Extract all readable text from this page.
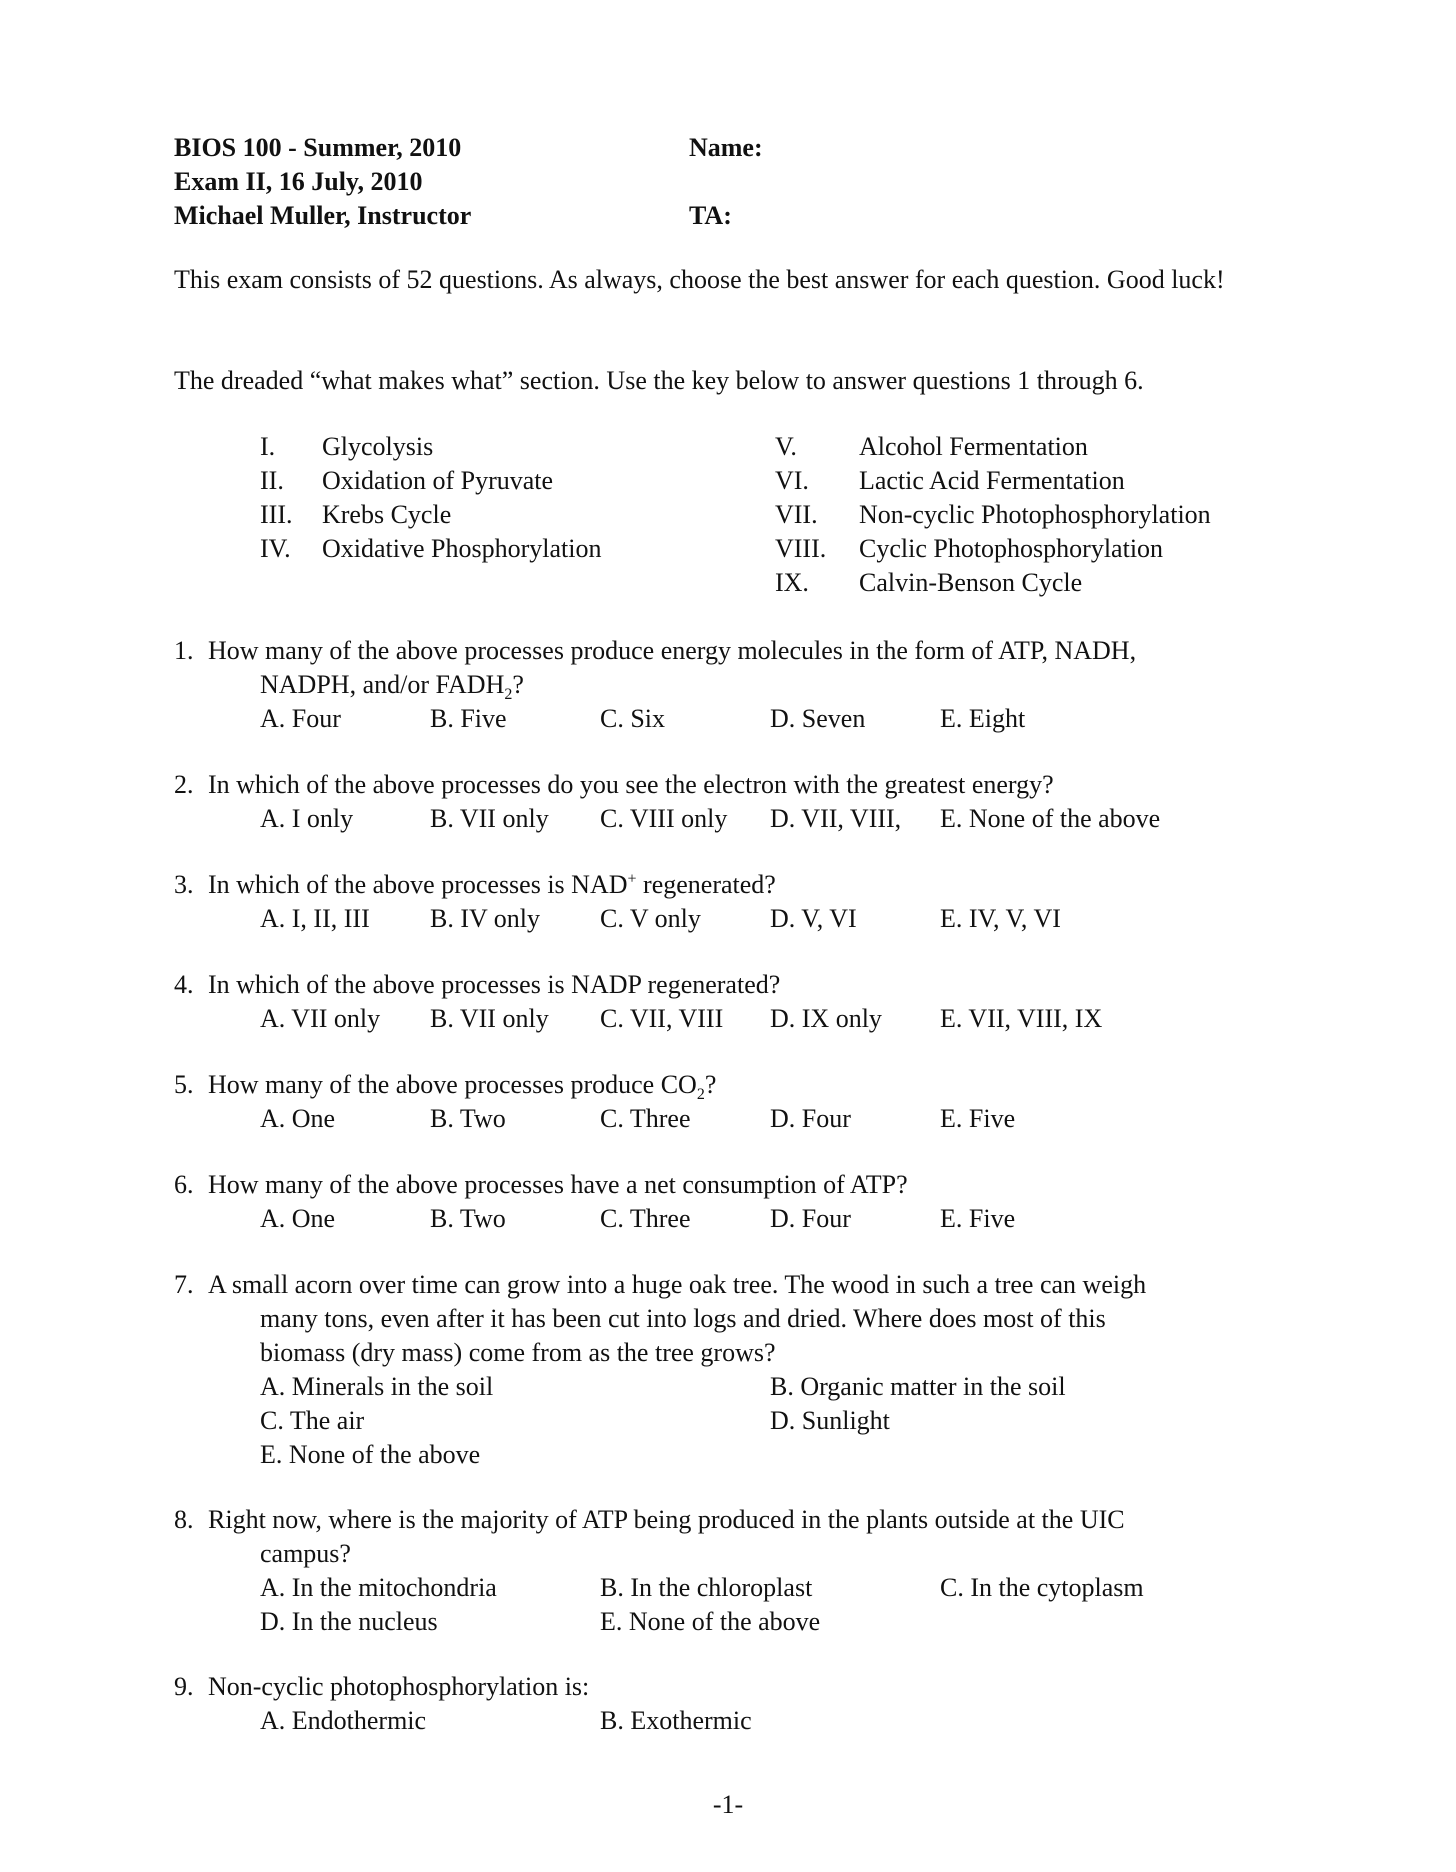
BIOS 100 - Summer, 2010	Name:
Exam II, 16 July, 2010
Michael Muller, Instructor	TA:
This exam consists of 52 questions. As always, choose the best answer for each question. Good luck!
The dreaded “what makes what” section. Use the key below to answer questions 1 through 6.
I. Glycolysis
II. Oxidation of Pyruvate
III. Krebs Cycle
IV. Oxidative Phosphorylation
V. Alcohol Fermentation
VI. Lactic Acid Fermentation
VII. Non-cyclic Photophosphorylation
VIII. Cyclic Photophosphorylation
IX. Calvin-Benson Cycle
1. How many of the above processes produce energy molecules in the form of ATP, NADH,
NADPH, and/or $FADH_2$?
A. Four	B. Five	C. Six	D. Seven	E. Eight
2. In which of the above processes do you see the electron with the greatest energy?
A. I only	B. VII only C. VIII only D. VII, VIII, E. None of the above
3. In which of the above processes is NAD+ regenerated?
A. I, II, III B. IV only C. V only	D. V, VI	E. IV, V, VI
4. In which of the above processes is NADP regenerated?
A. VII only B. VII only C. VII, VIII D. IX only E. VII, VIII, IX
5. How many of the above processes produce $CO_2$?
A. One	B. Two	C. Three	D. Four	E. Five
6. How many of the above processes have a net consumption of ATP?
A. One	B. Two	C. Three	D. Four	E. Five
7. A small acorn over time can grow into a huge oak tree. The wood in such a tree can weigh
many tons, even after it has been cut into logs and dried. Where does most of this
biomass (dry mass) come from as the tree grows?
A. Minerals in the soil	B. Organic matter in the soil
C. The air	D. Sunlight
E. None of the above
8. Right now, where is the majority of ATP being produced in the plants outside at the UIC
campus?
A. In the mitochondria	B. In the chloroplast	C. In the cytoplasm
D. In the nucleus	E. None of the above
9. Non-cyclic photophosphorylation is:
A. Endothermic	B. Exothermic
-1-
